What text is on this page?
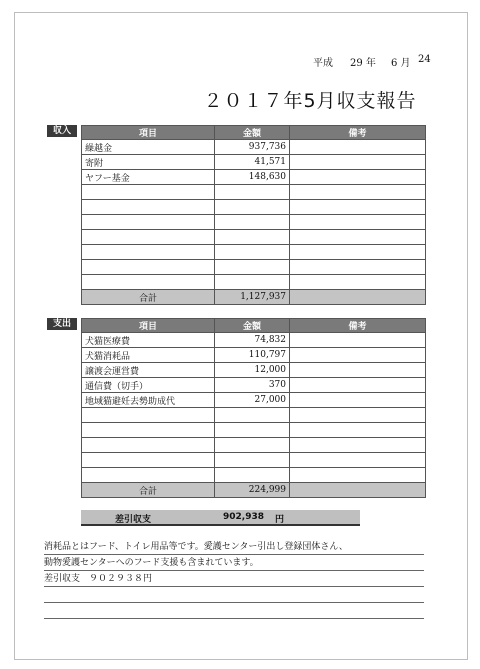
平成 29 年 6 月 24
２０１７年5月収支報告
収入	項目	金額	備考
繰越金	937,736	
寄附	41,571	
ヤフー基金	148,630	

合計	1,127,937	
支出	項目	金額	備考
犬猫医療費	74,832	
犬猫消耗品	110,797	
譲渡会運営費	12,000	
通信費（切手）	370	
地域猫避妊去勢助成代	27,000	

合計	224,999	
差引収支	902,938 円
消耗品とはフード、トイレ用品等です。愛護センター引出し登録団体さん、
動物愛護センターへのフード支援も含まれています。
差引収支　９０２９３８円
